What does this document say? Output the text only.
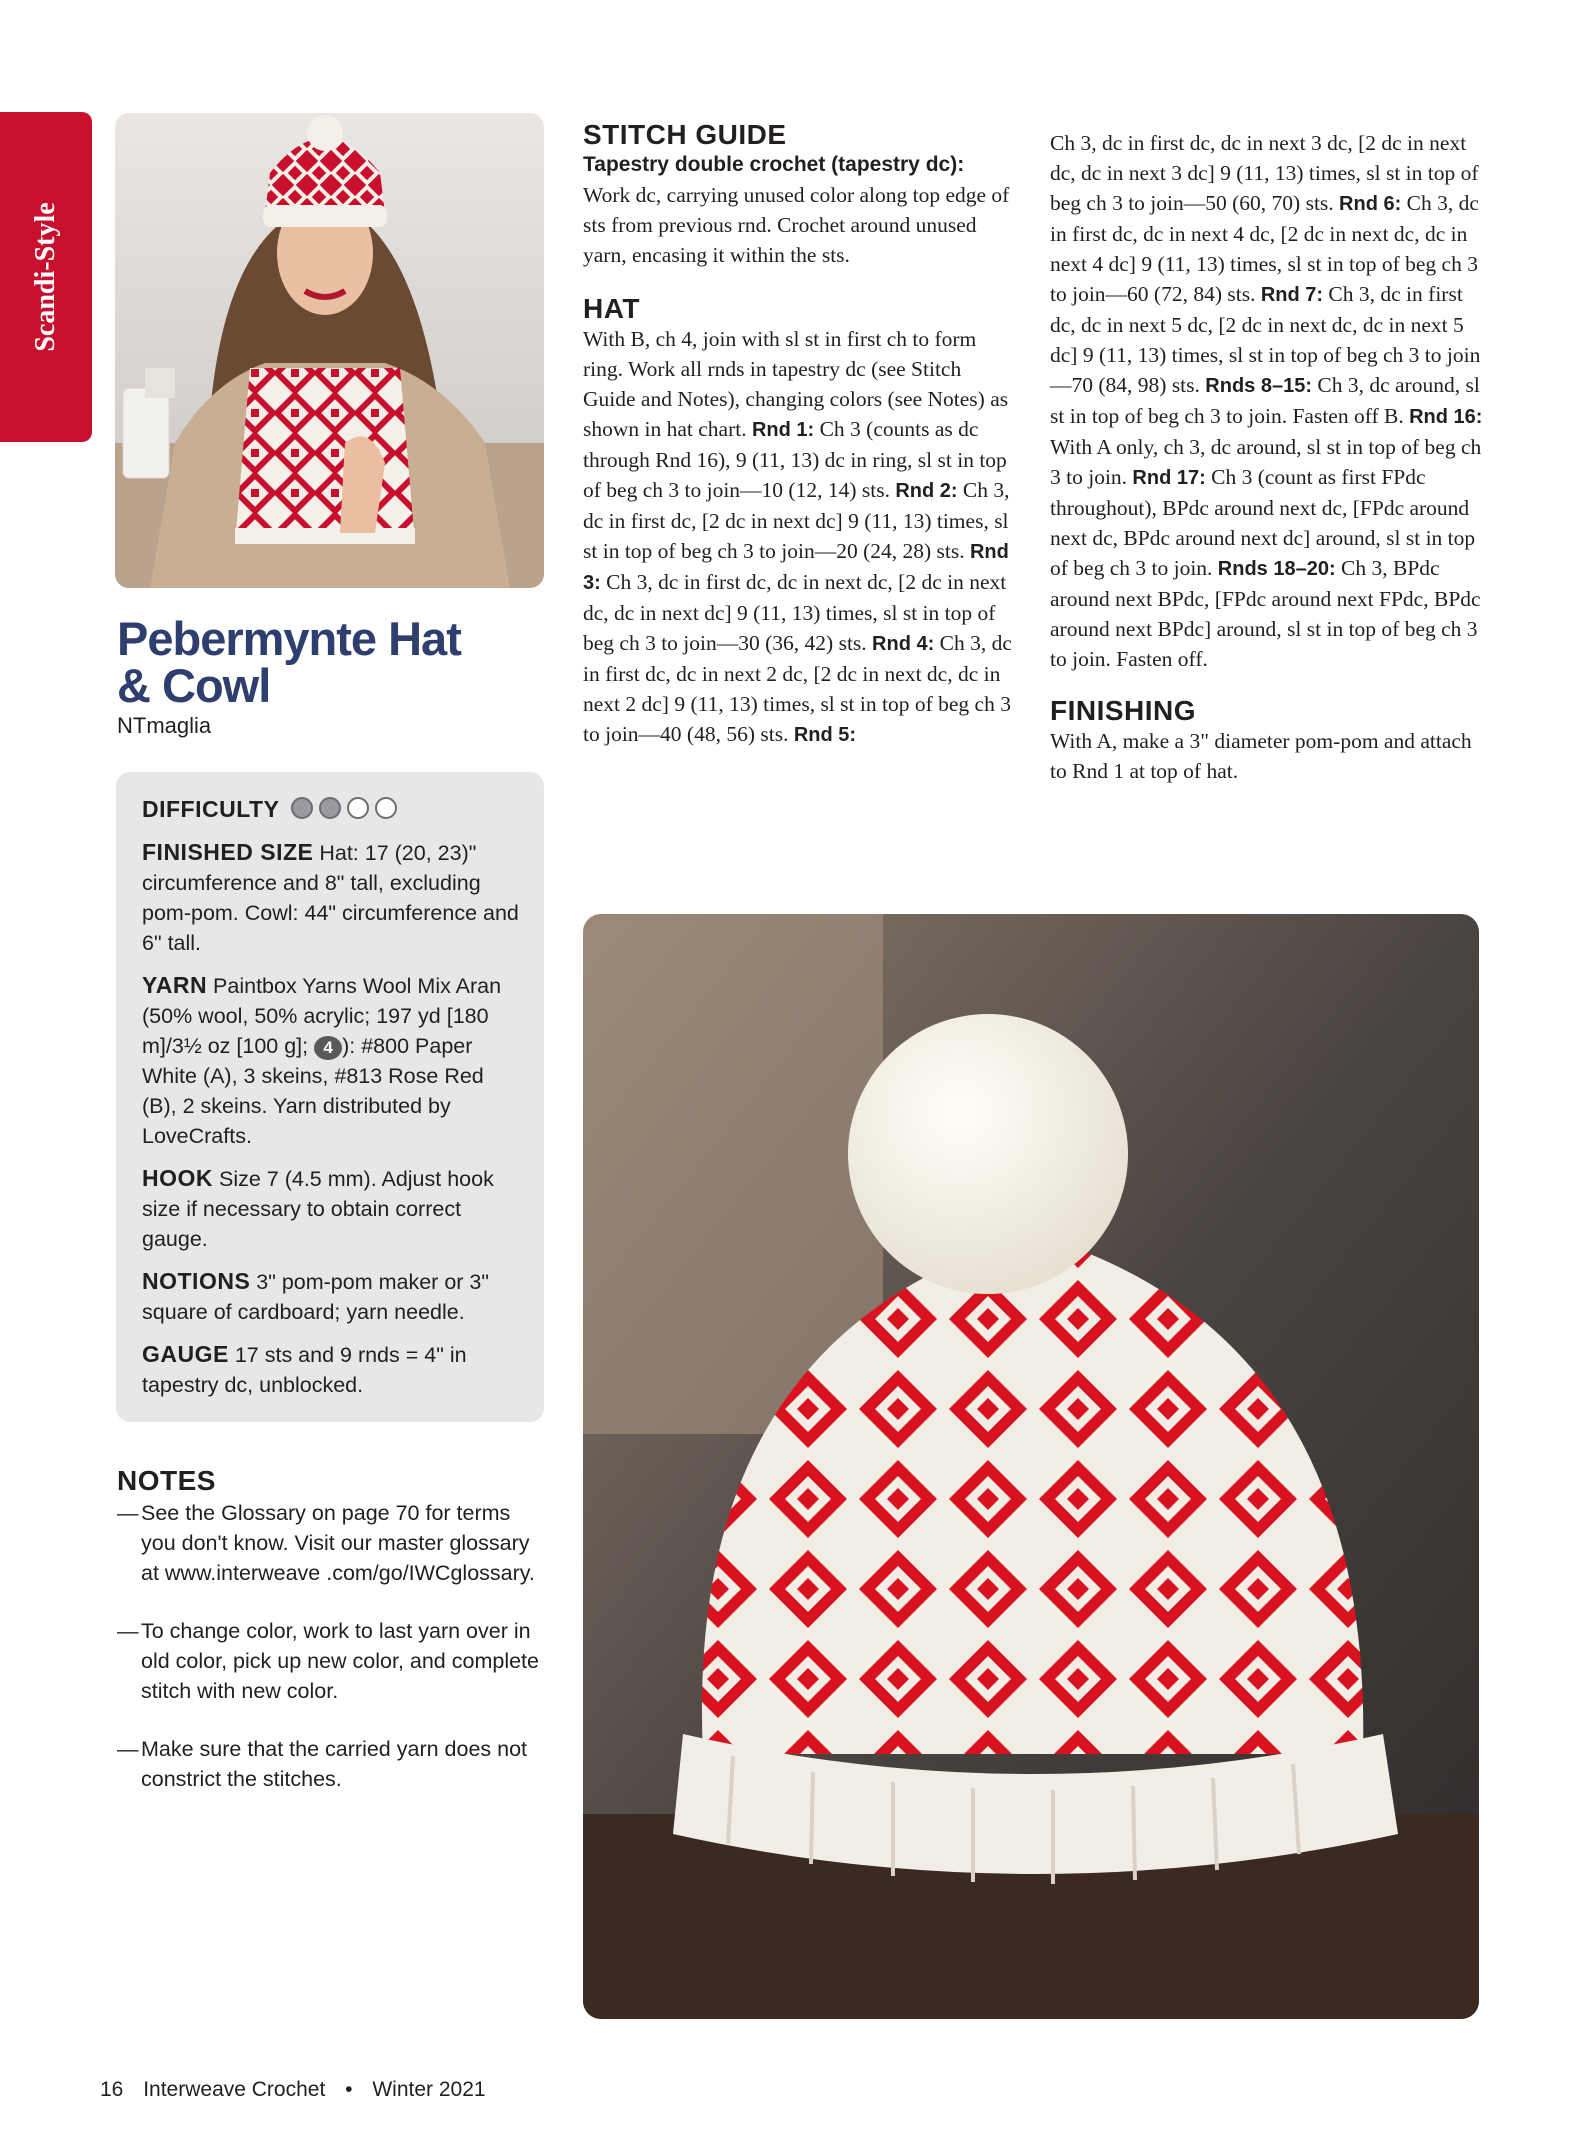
Scandi-Style
Pebermynte Hat
& Cowl
NTmaglia

DIFFICULTY

FINISHED SIZE Hat: 17 (20, 23)" circumference and 8" tall, excluding pom-pom. Cowl: 44" circumference and 6" tall.

YARN Paintbox Yarns Wool Mix Aran (50% wool, 50% acrylic; 197 yd [180 m]/3½ oz [100 g]; 4 ): #800 Paper White (A), 3 skeins, #813 Rose Red (B), 2 skeins. Yarn distributed by LoveCrafts.

HOOK Size 7 (4.5 mm). Adjust hook size if necessary to obtain correct gauge.

NOTIONS 3" pom-pom maker or 3" square of cardboard; yarn needle.

GAUGE 17 sts and 9 rnds = 4" in tapestry dc, unblocked.

NOTES
— See the Glossary on page 70 for terms you don't know. Visit our master glossary at www.interweave .com/go/IWCglossary.
— To change color, work to last yarn over in old color, pick up new color, and complete stitch with new color.
— Make sure that the carried yarn does not constrict the stitches.
STITCH GUIDE

Tapestry double crochet (tapestry dc):

Work dc, carrying unused color along top edge of sts from previous rnd. Crochet around unused yarn, encasing it within the sts.

HAT

With B, ch 4, join with sl st in first ch to form ring. Work all rnds in tapestry dc (see Stitch Guide and Notes), changing colors (see Notes) as shown in hat chart. Rnd 1: Ch 3 (counts as dc through Rnd 16), 9 (11, 13) dc in ring, sl st in top of beg ch 3 to join—10 (12, 14) sts. Rnd 2: Ch 3, dc in first dc, [2 dc in next dc] 9 (11, 13) times, sl st in top of beg ch 3 to join—20 (24, 28) sts. Rnd 3: Ch 3, dc in first dc, dc in next dc, [2 dc in next dc, dc in next dc] 9 (11, 13) times, sl st in top of beg ch 3 to join—30 (36, 42) sts. Rnd 4: Ch 3, dc in first dc, dc in next 2 dc, [2 dc in next dc, dc in next 2 dc] 9 (11, 13) times, sl st in top of beg ch 3 to join—40 (48, 56) sts. Rnd 5:

Ch 3, dc in first dc, dc in next 3 dc, [2 dc in next dc, dc in next 3 dc] 9 (11, 13) times, sl st in top of beg ch 3 to join—50 (60, 70) sts. Rnd 6: Ch 3, dc in first dc, dc in next 4 dc, [2 dc in next dc, dc in next 4 dc] 9 (11, 13) times, sl st in top of beg ch 3 to join—60 (72, 84) sts. Rnd 7: Ch 3, dc in first dc, dc in next 5 dc, [2 dc in next dc, dc in next 5 dc] 9 (11, 13) times, sl st in top of beg ch 3 to join—70 (84, 98) sts. Rnds 8–15: Ch 3, dc around, sl st in top of beg ch 3 to join. Fasten off B. Rnd 16: With A only, ch 3, dc around, sl st in top of beg ch 3 to join. Rnd 17: Ch 3 (count as first FPdc throughout), BPdc around next dc, [FPdc around next dc, BPdc around next dc] around, sl st in top of beg ch 3 to join. Rnds 18–20: Ch 3, BPdc around next BPdc, [FPdc around next FPdc, BPdc around next BPdc] around, sl st in top of beg ch 3 to join. Fasten off.

FINISHING

With A, make a 3" diameter pom-pom and attach to Rnd 1 at top of hat.

16 Interweave Crochet • Winter 2021
